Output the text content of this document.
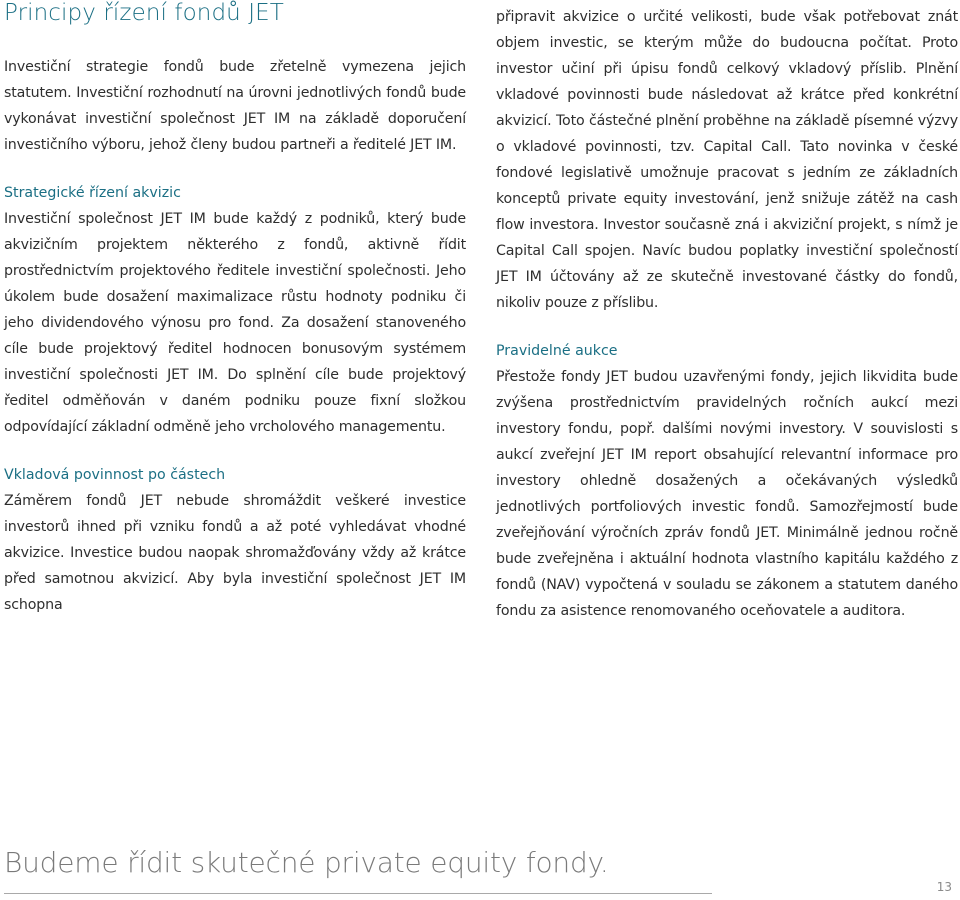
Principy řízení fondů JET

Investiční strategie fondů bude zřetelně vymezena jejich statutem. Investiční rozhodnutí na úrovni jednotlivých fondů bude vykonávat investiční společnost JET IM na základě doporučení investičního výboru, jehož členy budou partneři a ředitelé JET IM.

Strategické řízení akvizic

Investiční společnost JET IM bude každý z podniků, který bude akvizičním projektem některého z fondů, aktivně řídit prostřednictvím projektového ředitele investiční společnosti. Jeho úkolem bude dosažení maximalizace růstu hodnoty podniku či jeho dividendového výnosu pro fond. Za dosažení stanoveného cíle bude projektový ředitel hodnocen bonusovým systémem investiční společnosti JET IM. Do splnění cíle bude projektový ředitel odměňován v daném podniku pouze fixní složkou odpovídající základní odměně jeho vrcholového managementu.

Vkladová povinnost po částech

Záměrem fondů JET nebude shromáždit veškeré investice investorů ihned při vzniku fondů a až poté vyhledávat vhodné akvizice. Investice budou naopak shromažďovány vždy až krátce před samotnou akvizicí. Aby byla investiční společnost JET IM schopna

připravit akvizice o určité velikosti, bude však potřebovat znát objem investic, se kterým může do budoucna počítat. Proto investor učiní při úpisu fondů celkový vkladový příslib. Plnění vkladové povinnosti bude následovat až krátce před konkrétní akvizicí. Toto částečné plnění proběhne na základě písemné výzvy o vkladové povinnosti, tzv. Capital Call. Tato novinka v české fondové legislativě umožnuje pracovat s jedním ze základních konceptů private equity investování, jenž snižuje zátěž na cash flow investora. Investor současně zná i akviziční projekt, s nímž je Capital Call spojen. Navíc budou poplatky investiční společností JET IM účtovány až ze skutečně investované částky do fondů, nikoliv pouze z příslibu.

Pravidelné aukce

Přestože fondy JET budou uzavřenými fondy, jejich likvidita bude zvýšena prostřednictvím pravidelných ročních aukcí mezi investory fondu, popř. dalšími novými investory. V souvislosti s aukcí zveřejní JET IM report obsahující relevantní informace pro investory ohledně dosažených a očekávaných výsledků jednotlivých portfoliových investic fondů. Samozřejmostí bude zveřejňování výročních zpráv fondů JET. Minimálně jednou ročně bude zveřejněna i aktuální hodnota vlastního kapitálu každého z fondů (NAV) vypočtená v souladu se zákonem a statutem daného fondu za asistence renomovaného oceňovatele a auditora.

Budeme řídit skutečné private equity fondy.

13
